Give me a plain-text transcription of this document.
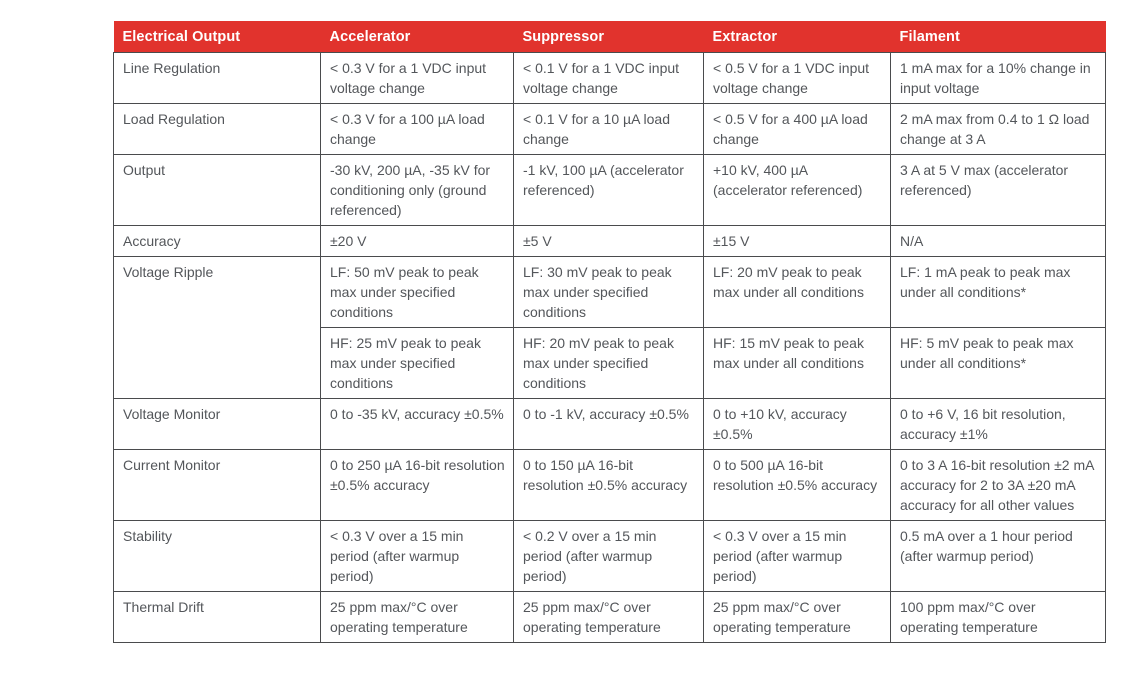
Electrical Output	Accelerator	Suppressor	Extractor	Filament
Line Regulation	< 0.3 V for a 1 VDC input voltage change	< 0.1 V for a 1 VDC input voltage change	< 0.5 V for a 1 VDC input voltage change	1 mA max for a 10% change in input voltage
Load Regulation	< 0.3 V for a 100 µA load change	< 0.1 V for a 10 µA load change	< 0.5 V for a 400 µA load change	2 mA max from 0.4 to 1 Ω load change at 3 A
Output	-30 kV, 200 µA, -35 kV for conditioning only (ground referenced)	-1 kV, 100 µA (accelerator referenced)	+10 kV, 400 µA (accelerator referenced)	3 A at 5 V max (accelerator referenced)
Accuracy	±20 V	±5 V	±15 V	N/A
Voltage Ripple	LF: 50 mV peak to peak max under specified conditions	LF: 30 mV peak to peak max under specified conditions	LF: 20 mV peak to peak max under all conditions	LF: 1 mA peak to peak max under all conditions*
	HF: 25 mV peak to peak max under specified conditions	HF: 20 mV peak to peak max under specified conditions	HF: 15 mV peak to peak max under all conditions	HF: 5 mV peak to peak max under all conditions*
Voltage Monitor	0 to -35 kV, accuracy ±0.5%	0 to -1 kV, accuracy ±0.5%	0 to +10 kV, accuracy ±0.5%	0 to +6 V, 16 bit resolution, accuracy ±1%
Current Monitor	0 to 250 µA 16-bit resolution ±0.5% accuracy	0 to 150 µA 16-bit resolution ±0.5% accuracy	0 to 500 µA 16-bit resolution ±0.5% accuracy	0 to 3 A 16-bit resolution ±2 mA accuracy for 2 to 3A ±20 mA accuracy for all other values
Stability	< 0.3 V over a 15 min period (after warmup period)	< 0.2 V over a 15 min period (after warmup period)	< 0.3 V over a 15 min period (after warmup period)	0.5 mA over a 1 hour period (after warmup period)
Thermal Drift	25 ppm max/°C over operating temperature	25 ppm max/°C over operating temperature	25 ppm max/°C over operating temperature	100 ppm max/°C over operating temperature
